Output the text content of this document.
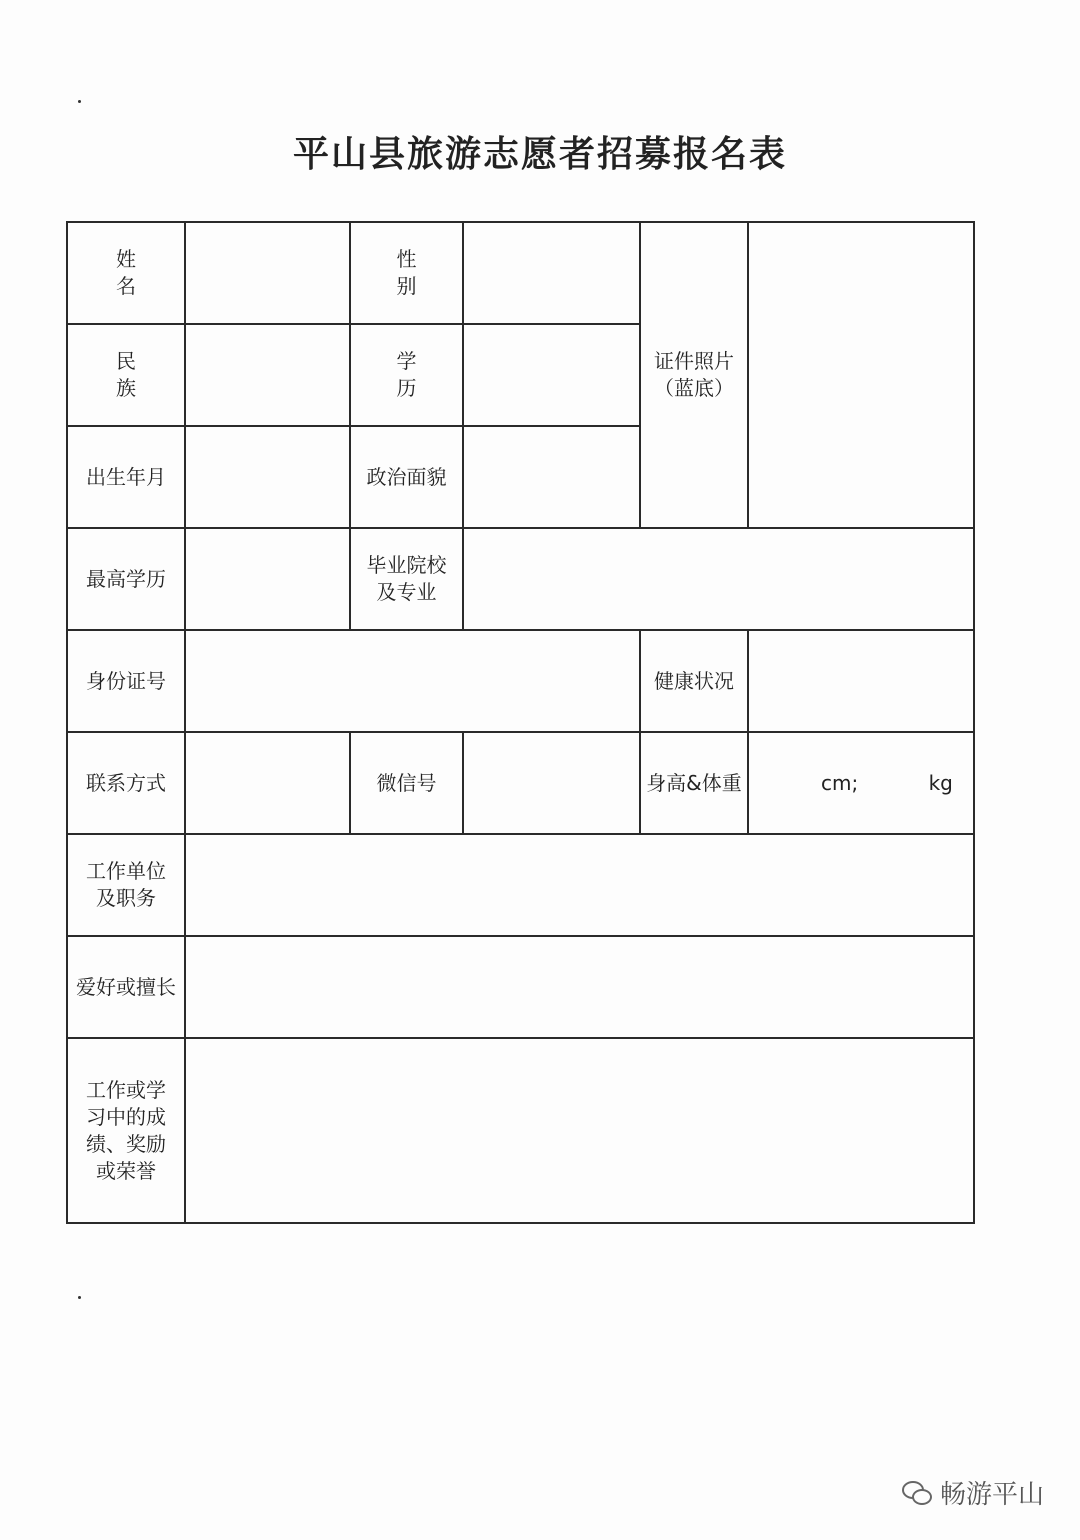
平山县旅游志愿者招募报名表
姓名		性别		证件照片
（蓝底）	
民族		学历			
出生年月		政治面貌			
最高学历		毕业院校
及专业			
身份证号				健康状况	
联系方式		微信号		身高&体重	cm; kg
工作单位
及职务					
爱好或擅长					
工作或学
习中的成
绩、奖励
或荣誉					
畅游平山
